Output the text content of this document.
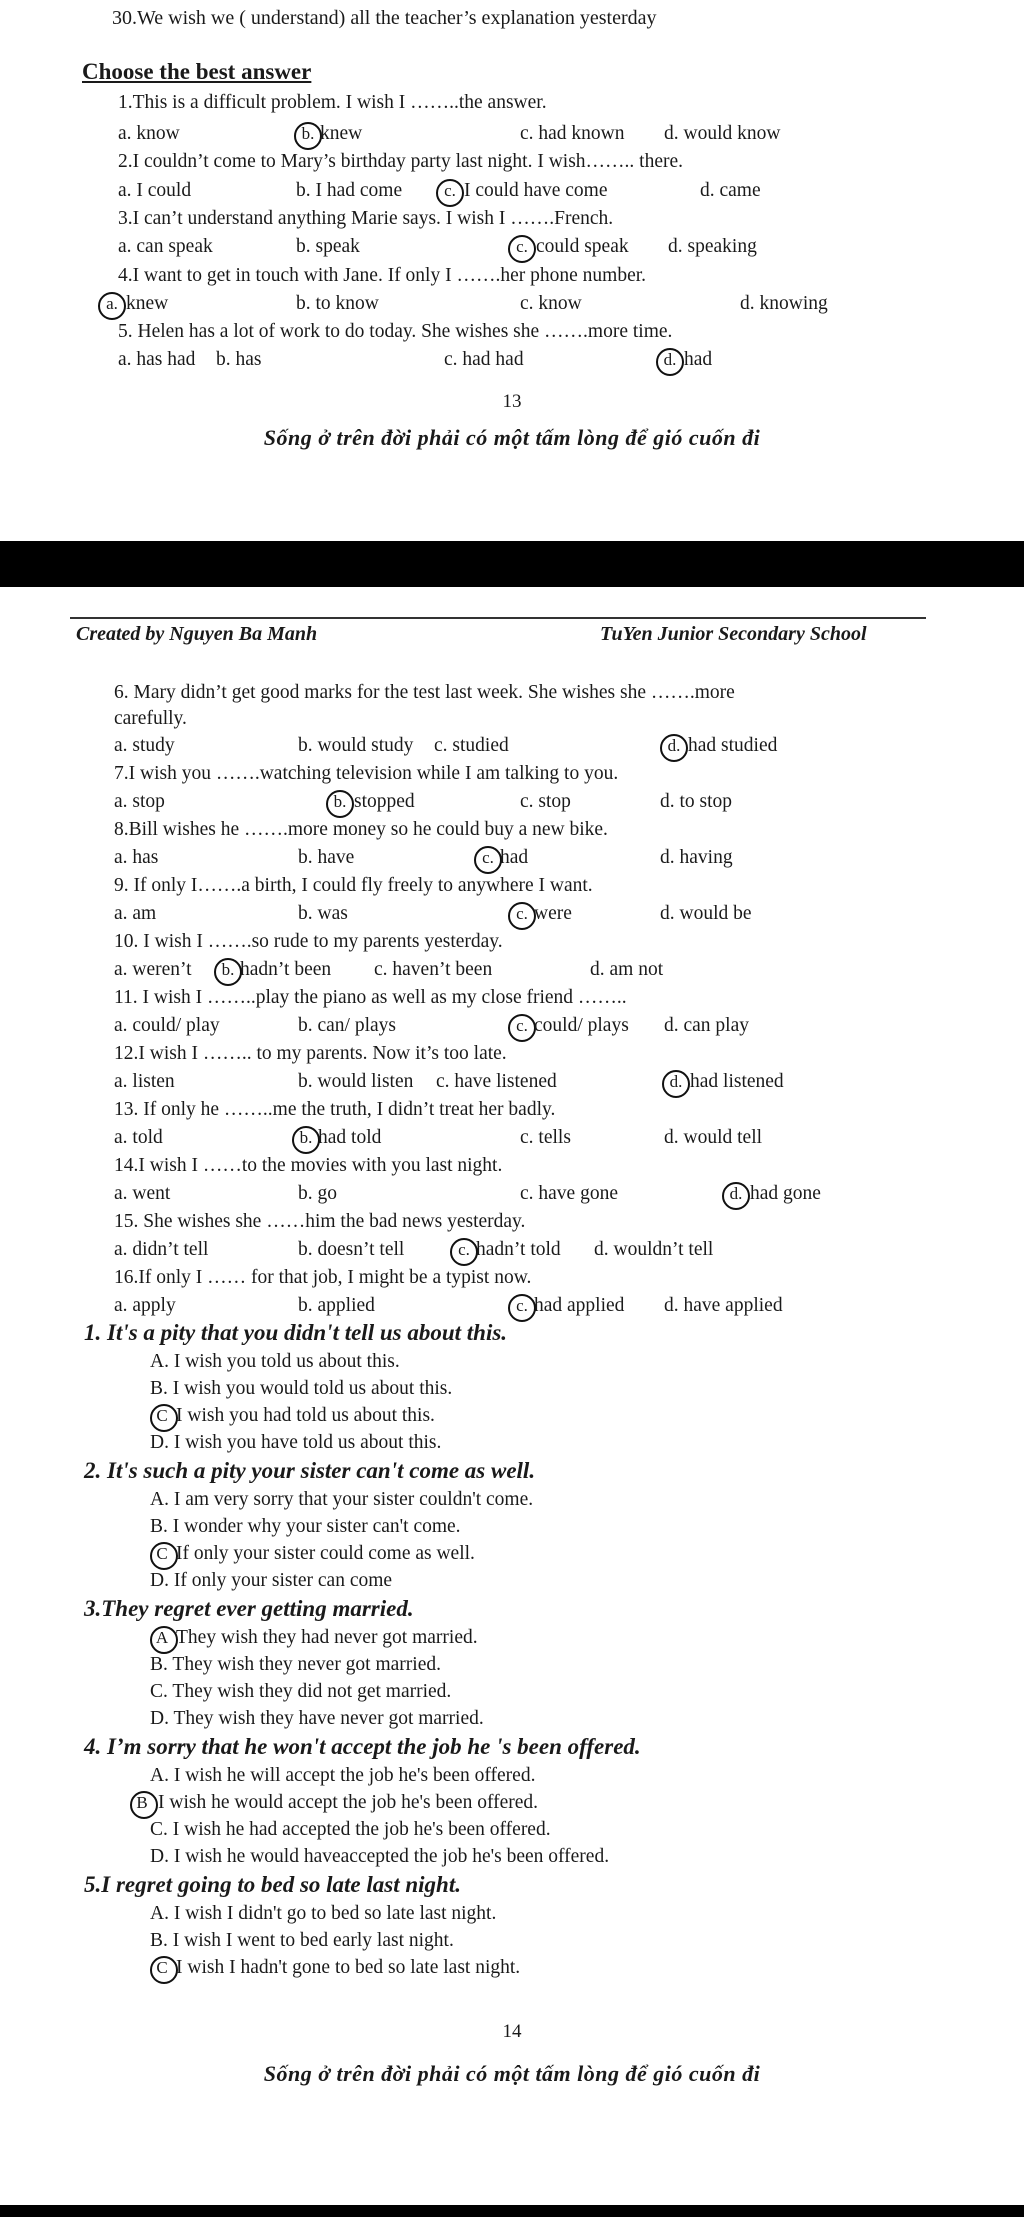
30.We wish we ( understand) all the teacher’s explanation yesterday
Choose the best answer
1.This is a difficult problem. I wish I ……..the answer.
a. know	b. knew	c. had known d. would know
2.I couldn’t come to Mary’s birthday party last night. I wish…….. there.
a. I could	b. I had come	c. I could have come	d. came
3.I can’t understand anything Marie says. I wish I …….French.
a. can speak	b. speak	c. could speak d. speaking
4.I want to get in touch with Jane. If only I …….her phone number.
a. knew	b. to know	c. know	d. knowing
5. Helen has a lot of work to do today. She wishes she …….more time.
a. has had b. has	c. had had	d. had
13
Sống ở trên đời phải có một tấm lòng để gió cuốn đi
Created by Nguyen Ba Manh	TuYen Junior Secondary School
6. Mary didn’t get good marks for the test last week. She wishes she …….more
carefully.
a. study	b. would study c. studied	d. had studied
7.I wish you …….watching television while I am talking to you.
a. stop	b. stopped	c. stop	d. to stop
8.Bill wishes he …….more money so he could buy a new bike.
a. has	b. have	c. had	d. having
9. If only I…….a birth, I could fly freely to anywhere I want.
a. am	b. was	c. were	d. would be
10. I wish I …….so rude to my parents yesterday.
a. weren’t	b. hadn’t been c. haven’t been	d. am not
11. I wish I ……..play the piano as well as my close friend ……..
a. could/ play	b. can/ plays	c. could/ plays d. can play
12.I wish I …….. to my parents. Now it’s too late.
a. listen	b. would listen c. have listened	d. had listened
13. If only he ……..me the truth, I didn’t treat her badly.
a. told	b. had told	c. tells	d. would tell
14.I wish I ……to the movies with you last night.
a. went	b. go	c. have gone	d. had gone
15. She wishes she ……him the bad news yesterday.
a. didn’t tell	b. doesn’t tell	c. hadn’t told d. wouldn’t tell
16.If only I …… for that job, I might be a typist now.
a. apply	b. applied	c. had applied d. have applied
1. It's a pity that you didn't tell us about this.
A. I wish you told us about this.
B. I wish you would told us about this.
C I wish you had told us about this.
D. I wish you have told us about this.
2. It's such a pity your sister can't come as well.
A. I am very sorry that your sister couldn't come.
B. I wonder why your sister can't come.
C If only your sister could come as well.
D. If only your sister can come
3.They regret ever getting married.
A They wish they had never got married.
B. They wish they never got married.
C. They wish they did not get married.
D. They wish they have never got married.
4. I’m sorry that he won't accept the job he 's been offered.
A. I wish he will accept the job he's been offered.
B I wish he would accept the job he's been offered.
C. I wish he had accepted the job he's been offered.
D. I wish he would haveaccepted the job he's been offered.
5.I regret going to bed so late last night.
A. I wish I didn't go to bed so late last night.
B. I wish I went to bed early last night.
C I wish I hadn't gone to bed so late last night.
14
Sống ở trên đời phải có một tấm lòng để gió cuốn đi
